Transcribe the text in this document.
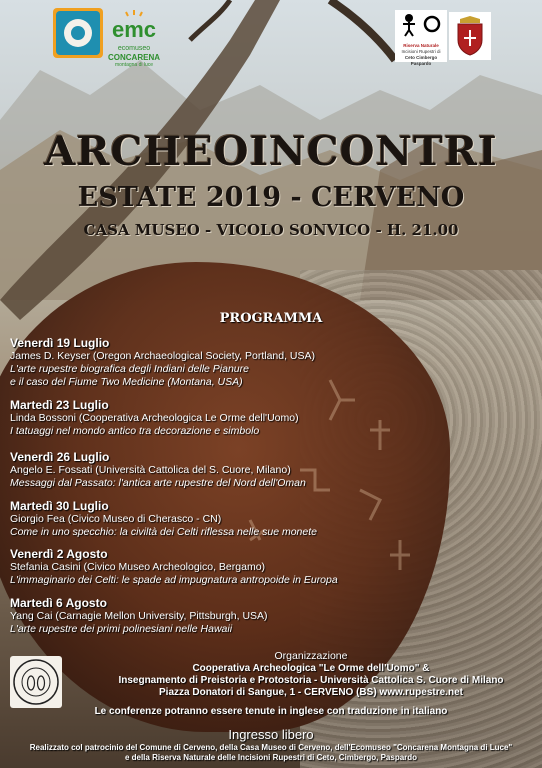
emc
ecomuseo
CONCARENA
montagna di luce
Riserva Naturale
Incisioni Rupestri di
Ceto Cimbergo Paspardo
ARCHEOINCONTRI
ESTATE 2019 - CERVENO
CASA MUSEO - VICOLO SONVICO - H. 21.00
PROGRAMMA
Venerdì 19 Luglio
James D. Keyser (Oregon Archaeological Society, Portland, USA)
L'arte rupestre biografica degli Indiani delle Pianure
e il caso del Fiume Two Medicine (Montana, USA)
Martedì 23 Luglio
Linda Bossoni (Cooperativa Archeologica Le Orme dell'Uomo)
I tatuaggi nel mondo antico tra decorazione e simbolo
Venerdì 26 Luglio
Angelo E. Fossati (Università Cattolica del S. Cuore, Milano)
Messaggi dal Passato: l'antica arte rupestre del Nord dell'Oman
Martedì 30 Luglio
Giorgio Fea (Civico Museo di Cherasco - CN)
Come in uno specchio: la civiltà dei Celti riflessa nelle sue monete
Venerdì 2 Agosto
Stefania Casini (Civico Museo Archeologico, Bergamo)
L'immaginario dei Celti: le spade ad impugnatura antropoide in Europa
Martedì 6 Agosto
Yang Cai (Carnagie Mellon University, Pittsburgh, USA)
L'arte rupestre dei primi polinesiani nelle Hawaii
Organizzazione
Cooperativa Archeologica "Le Orme dell'Uomo" &
Insegnamento di Preistoria e Protostoria - Università Cattolica S. Cuore di Milano
Piazza Donatori di Sangue, 1 - CERVENO (BS) www.rupestre.net
Le conferenze potranno essere tenute in inglese con traduzione in italiano
Ingresso libero
Realizzato col patrocinio del Comune di Cerveno, della Casa Museo di Cerveno, dell'Ecomuseo "Concarena Montagna di Luce"
e della Riserva Naturale delle Incisioni Rupestri di Ceto, Cimbergo, Paspardo
